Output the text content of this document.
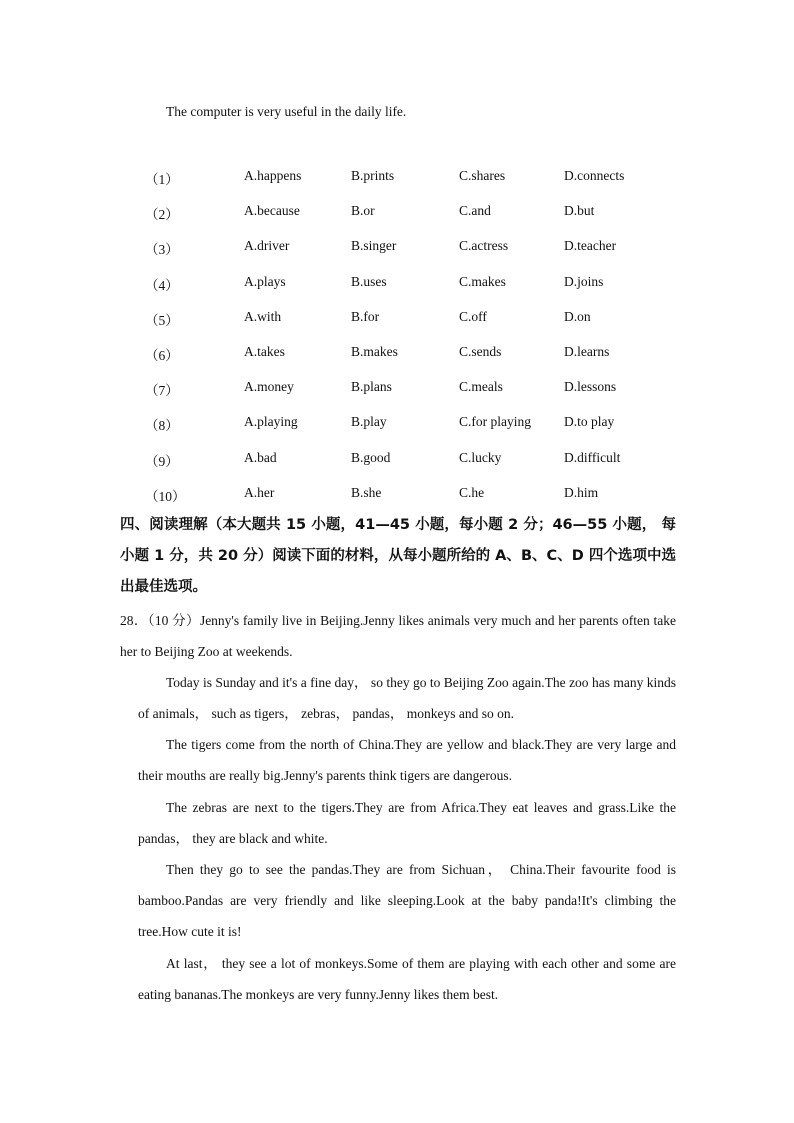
The computer is very useful in the daily life.
（1）	A.happens	B.prints	C.shares	D.connects
（2）	A.because	B.or	C.and	D.but
（3）	A.driver	B.singer	C.actress	D.teacher
（4）	A.plays	B.uses	C.makes	D.joins
（5）	A.with	B.for	C.off	D.on
（6）	A.takes	B.makes	C.sends	D.learns
（7）	A.money	B.plans	C.meals	D.lessons
（8）	A.playing	B.play	C.for playing D.to play
（9）	A.bad	B.good	C.lucky	D.difficult
（10）	A.her	B.she	C.he	D.him
四、阅读理解（本大题共 15 小题，41—45 小题，每小题 2 分；46—55 小题， 每小题 1 分，共 20 分）阅读下面的材料，从每小题所给的 A、B、C、D 四个选项中选出最佳选项。
28．（10 分）Jenny's family live in Beijing.Jenny likes animals very much and her parents often take her to Beijing Zoo at weekends.
Today is Sunday and it's a fine day， so they go to Beijing Zoo again.The zoo has many kinds of animals， such as tigers， zebras， pandas， monkeys and so on.
The tigers come from the north of China.They are yellow and black.They are very large and their mouths are really big.Jenny's parents think tigers are dangerous.
The zebras are next to the tigers.They are from Africa.They eat leaves and grass.Like the pandas， they are black and white.
Then they go to see the pandas.They are from Sichuan， China.Their favourite food is bamboo.Pandas are very friendly and like sleeping.Look at the baby panda!It's climbing the tree.How cute it is!
At last， they see a lot of monkeys.Some of them are playing with each other and some are eating bananas.The monkeys are very funny.Jenny likes them best.
